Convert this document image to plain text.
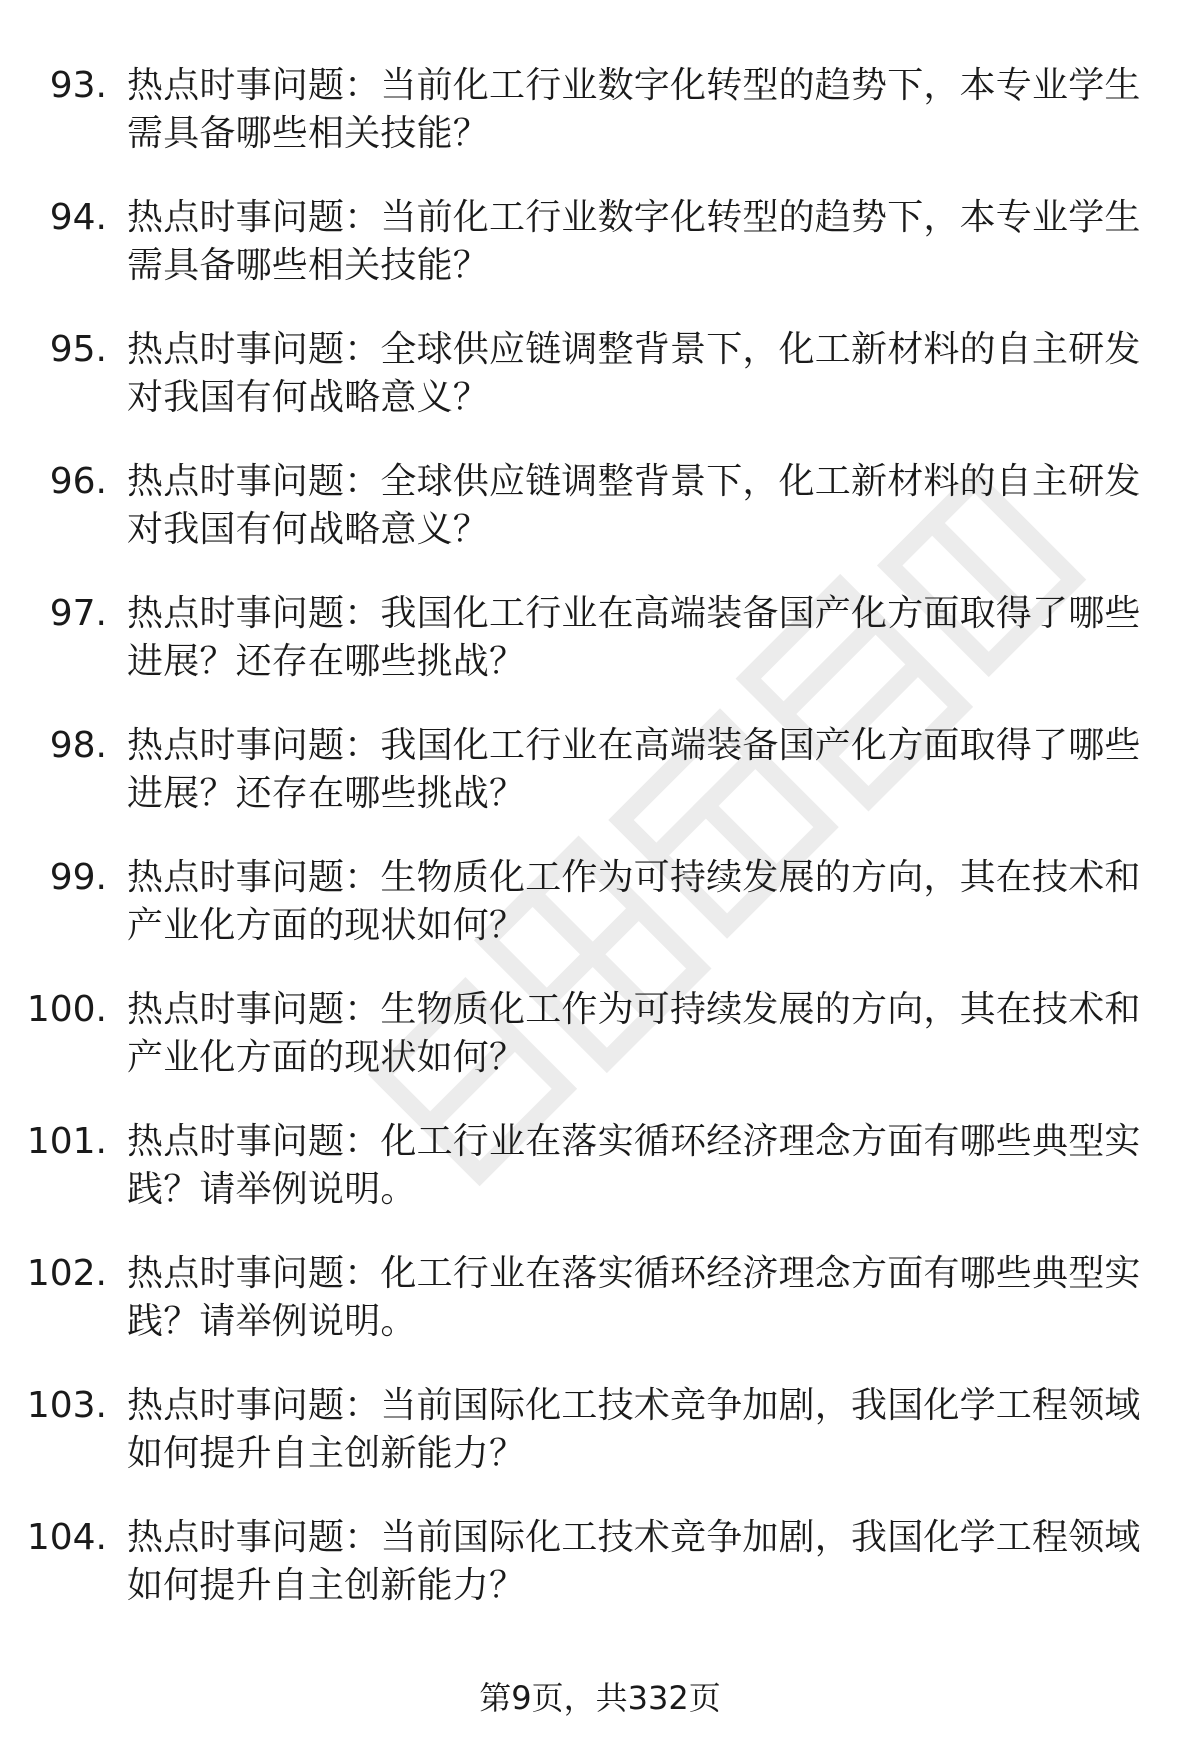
93. 热点时事问题：当前化工行业数字化转型的趋势下，本专业学生需具备哪些相关技能？
94. 热点时事问题：当前化工行业数字化转型的趋势下，本专业学生需具备哪些相关技能？
95. 热点时事问题：全球供应链调整背景下，化工新材料的自主研发对我国有何战略意义？
96. 热点时事问题：全球供应链调整背景下，化工新材料的自主研发对我国有何战略意义？
97. 热点时事问题：我国化工行业在高端装备国产化方面取得了哪些进展？还存在哪些挑战？
98. 热点时事问题：我国化工行业在高端装备国产化方面取得了哪些进展？还存在哪些挑战？
99. 热点时事问题：生物质化工作为可持续发展的方向，其在技术和产业化方面的现状如何？
100. 热点时事问题：生物质化工作为可持续发展的方向，其在技术和产业化方面的现状如何？
101. 热点时事问题：化工行业在落实循环经济理念方面有哪些典型实践？请举例说明。
102. 热点时事问题：化工行业在落实循环经济理念方面有哪些典型实践？请举例说明。
103. 热点时事问题：当前国际化工技术竞争加剧，我国化学工程领域如何提升自主创新能力？
104. 热点时事问题：当前国际化工技术竞争加剧，我国化学工程领域如何提升自主创新能力？
第9页，共332页
